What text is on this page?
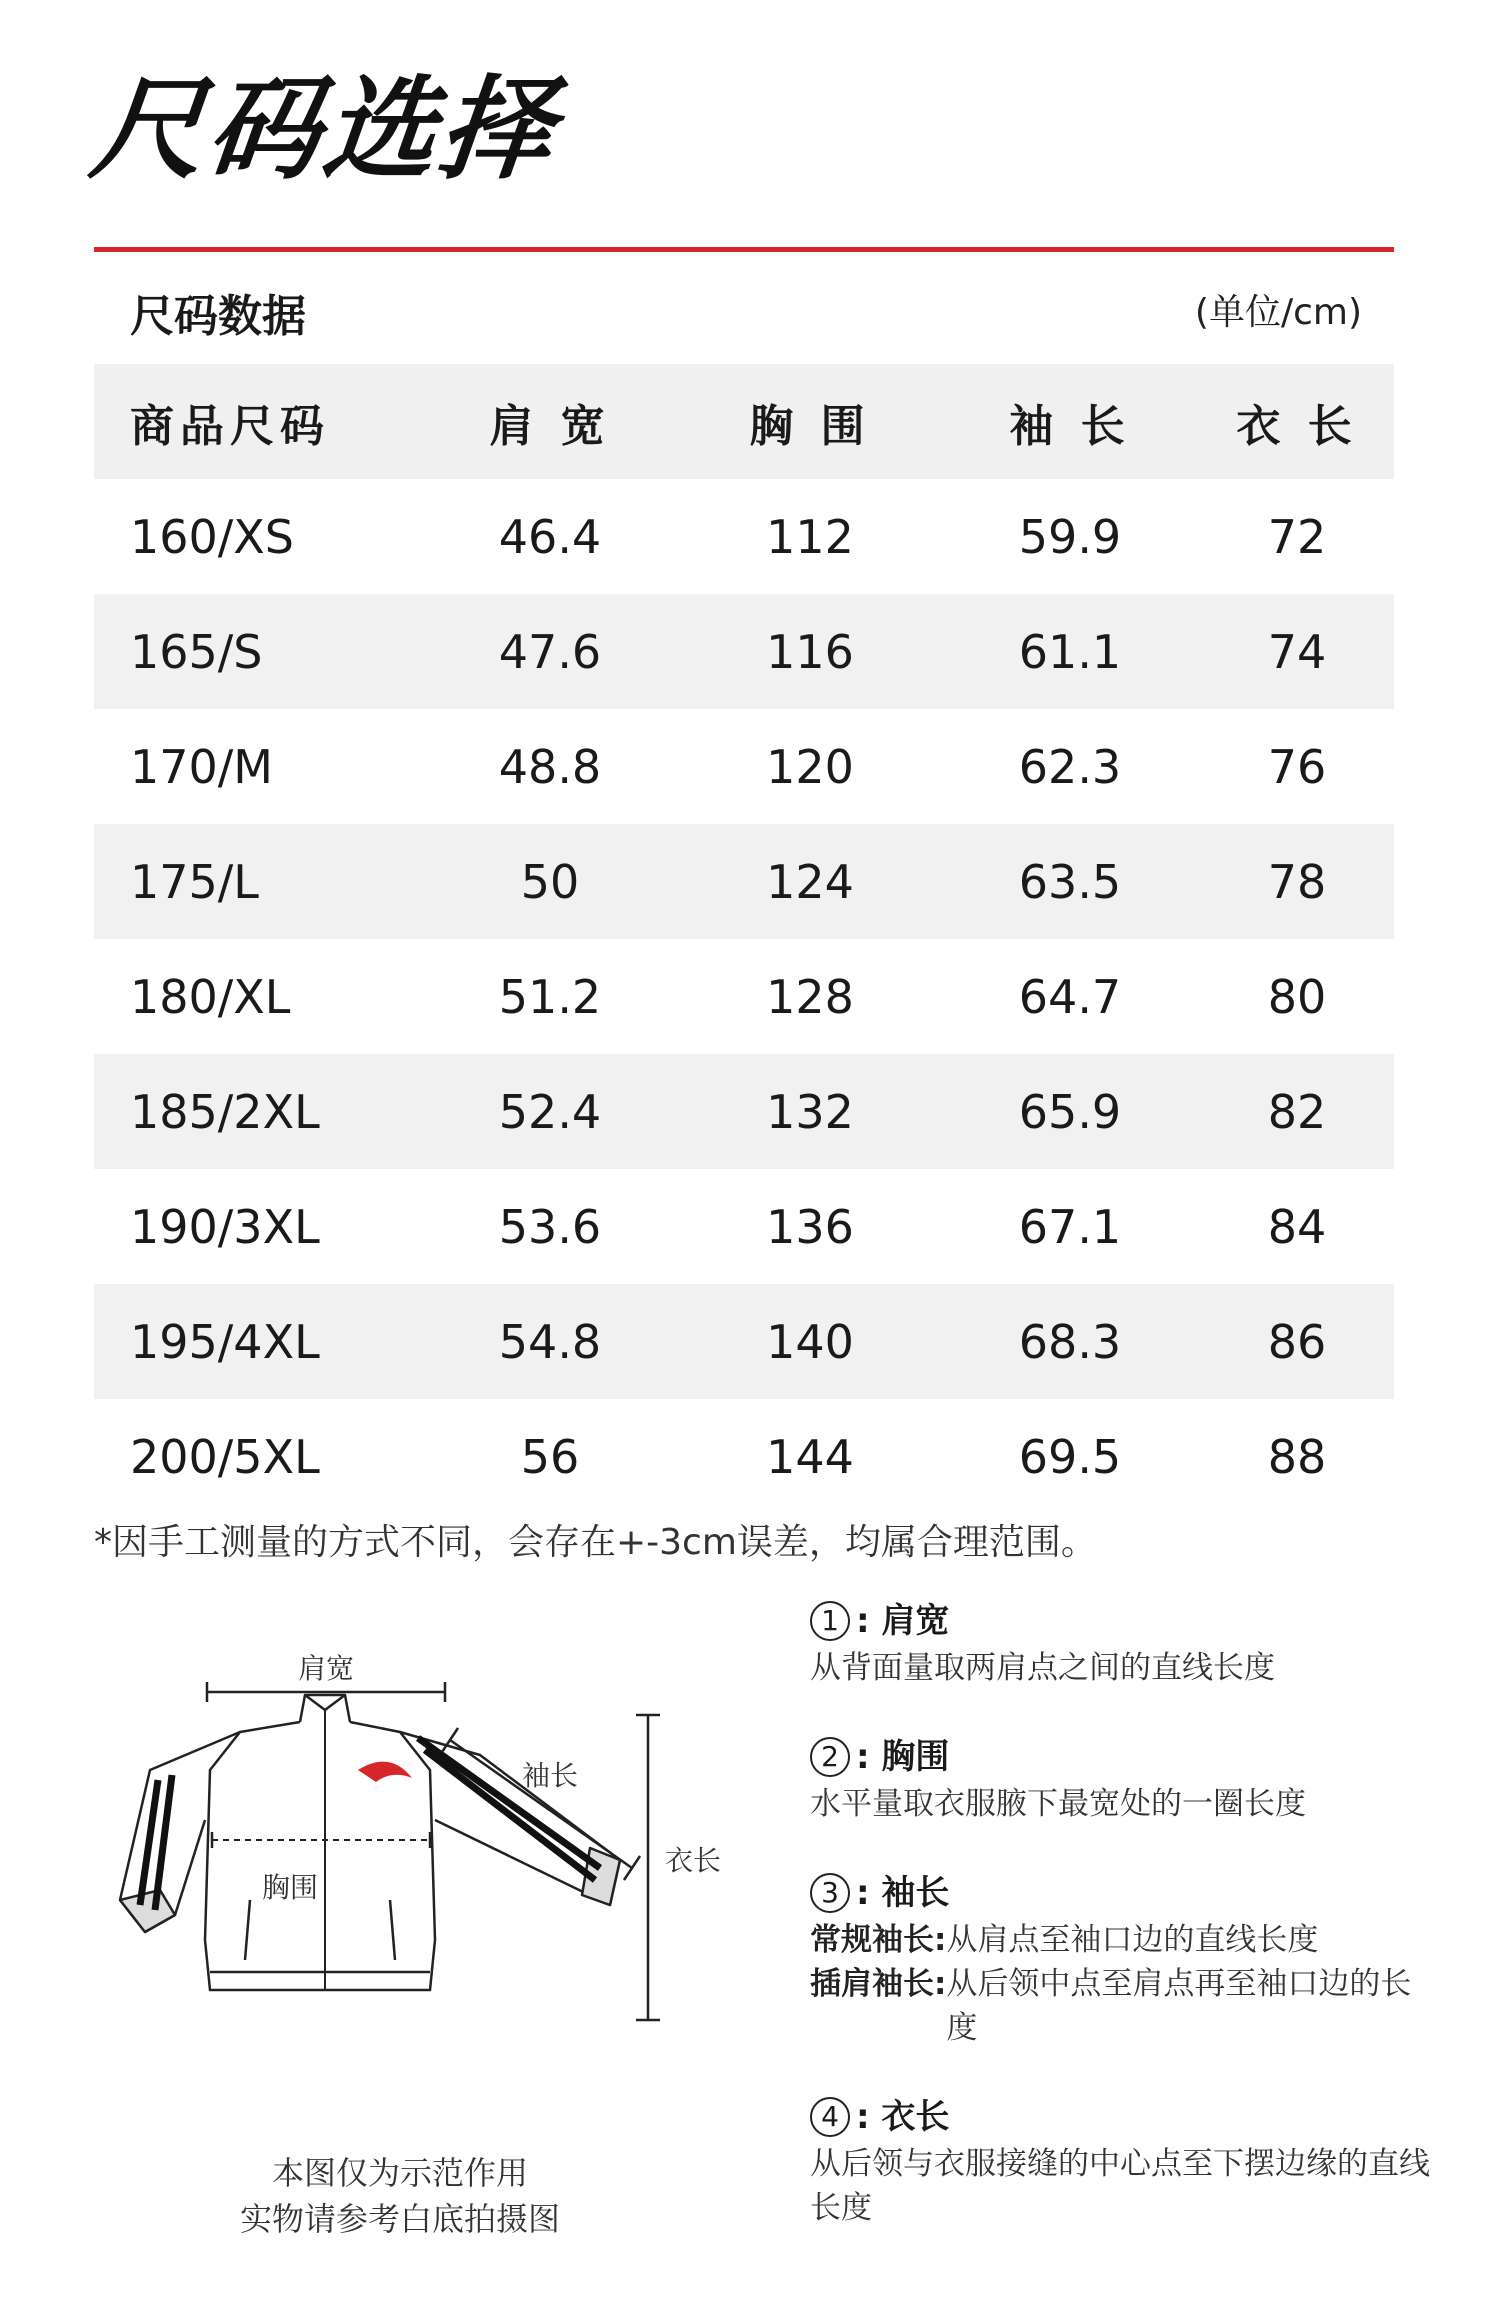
尺码选择
尺码数据	(单位/cm)
商品尺码	肩 宽	胸 围	袖 长	衣 长
160/XS	46.4	112	59.9	72
165/S	47.6	116	61.1	74
170/M	48.8	120	62.3	76
175/L	50	124	63.5	78
180/XL	51.2	128	64.7	80
185/2XL	52.4	132	65.9	82
190/3XL	53.6	136	67.1	84
195/4XL	54.8	140	68.3	86
200/5XL	56	144	69.5	88
*因手工测量的方式不同，会存在+-3cm误差，均属合理范围。
肩宽
袖长
衣长
胸围
本图仅为示范作用
实物请参考白底拍摄图
1 : 肩宽
从背面量取两肩点之间的直线长度
2 : 胸围
水平量取衣服腋下最宽处的一圈长度
3 : 袖长
常规袖长: 从肩点至袖口边的直线长度
插肩袖长: 从后领中点至肩点再至袖口边的长度
4 : 衣长
从后领与衣服接缝的中心点至下摆边缘的直线长度
